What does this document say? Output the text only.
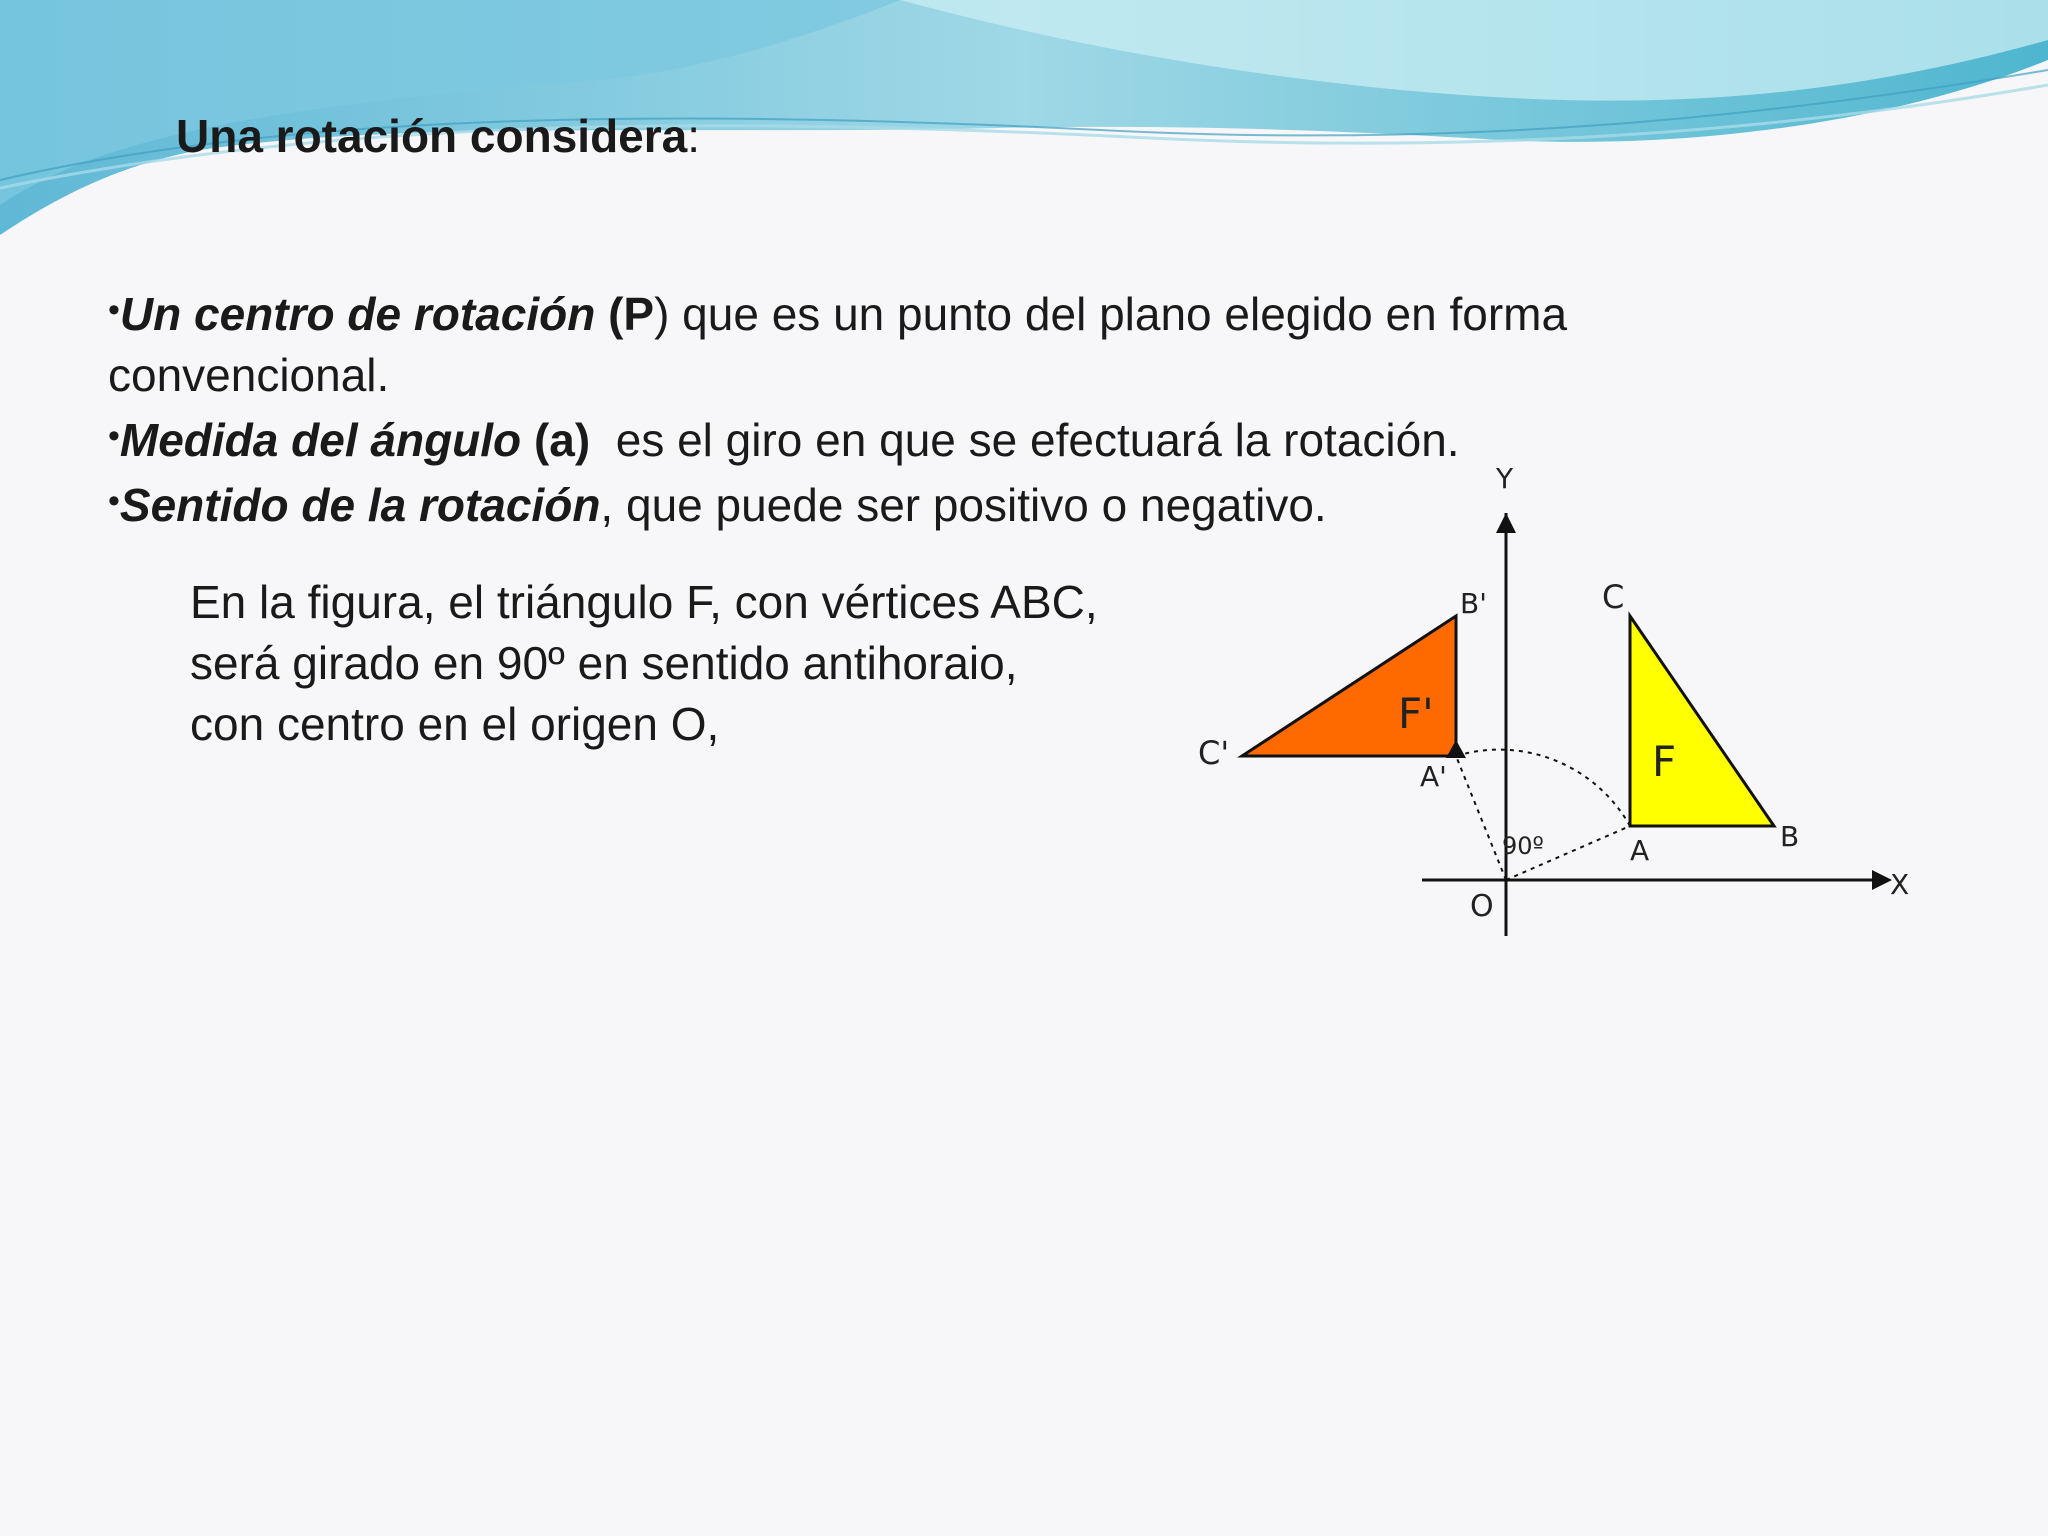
Una rotación considera:
•Un centro de rotación (P) que es un punto del plano elegido en forma
convencional.
•Medida del ángulo (a)  es el giro en que se efectuará la rotación.
•Sentido de la rotación, que puede ser positivo o negativo.
En la figura, el triángulo F, con vértices ABC,
será girado en 90º en sentido antihoraio,
con centro en el origen O,
Y
X
O
90º
C
A	B
F
B'
C'
A'
F'
